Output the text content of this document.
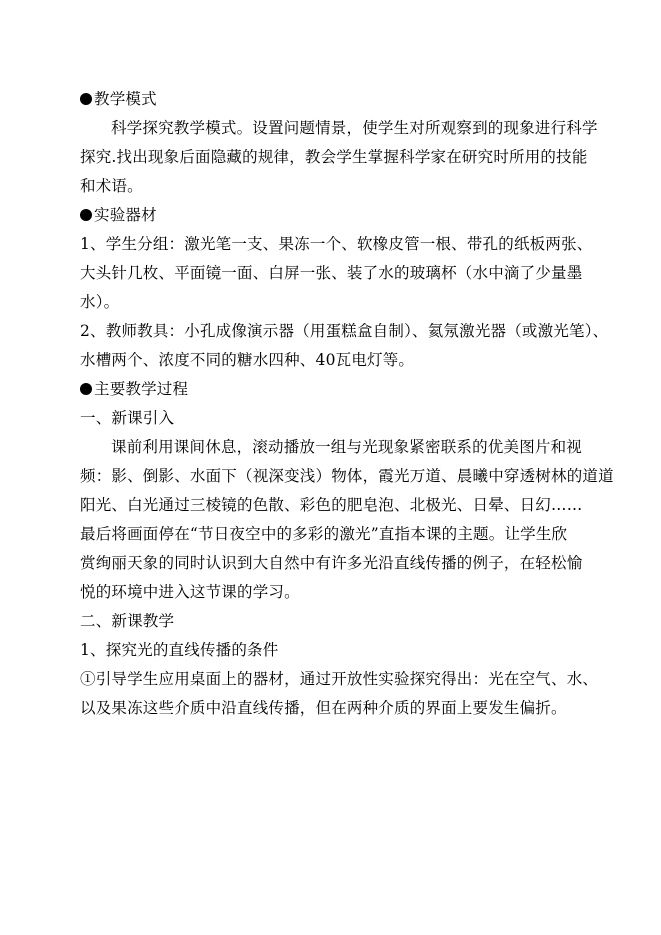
教学模式

科学探究教学模式。设置问题情景，使学生对所观察到的现象进行科学

探究.找出现象后面隐藏的规律，教会学生掌握科学家在研究时所用的技能

和术语。

实验器材

1、学生分组：激光笔一支、果冻一个、软橡皮管一根、带孔的纸板两张、

大头针几枚、平面镜一面、白屏一张、装了水的玻璃杯（水中滴了少量墨

水）。

2、教师教具：小孔成像演示器（用蛋糕盒自制）、氦氖激光器（或激光笔）、

水槽两个、浓度不同的糖水四种、40瓦电灯等。

主要教学过程

一、新课引入

课前利用课间休息，滚动播放一组与光现象紧密联系的优美图片和视

频：影、倒影、水面下（视深变浅）物体，霞光万道、晨曦中穿透树林的道道

阳光、白光通过三棱镜的色散、彩色的肥皂泡、北极光、日晕、日幻……

最后将画面停在“节日夜空中的多彩的激光”直指本课的主题。让学生欣

赏绚丽天象的同时认识到大自然中有许多光沿直线传播的例子，在轻松愉

悦的环境中进入这节课的学习。

二、新课教学

1、探究光的直线传播的条件

①引导学生应用桌面上的器材，通过开放性实验探究得出：光在空气、水、

以及果冻这些介质中沿直线传播，但在两种介质的界面上要发生偏折。
